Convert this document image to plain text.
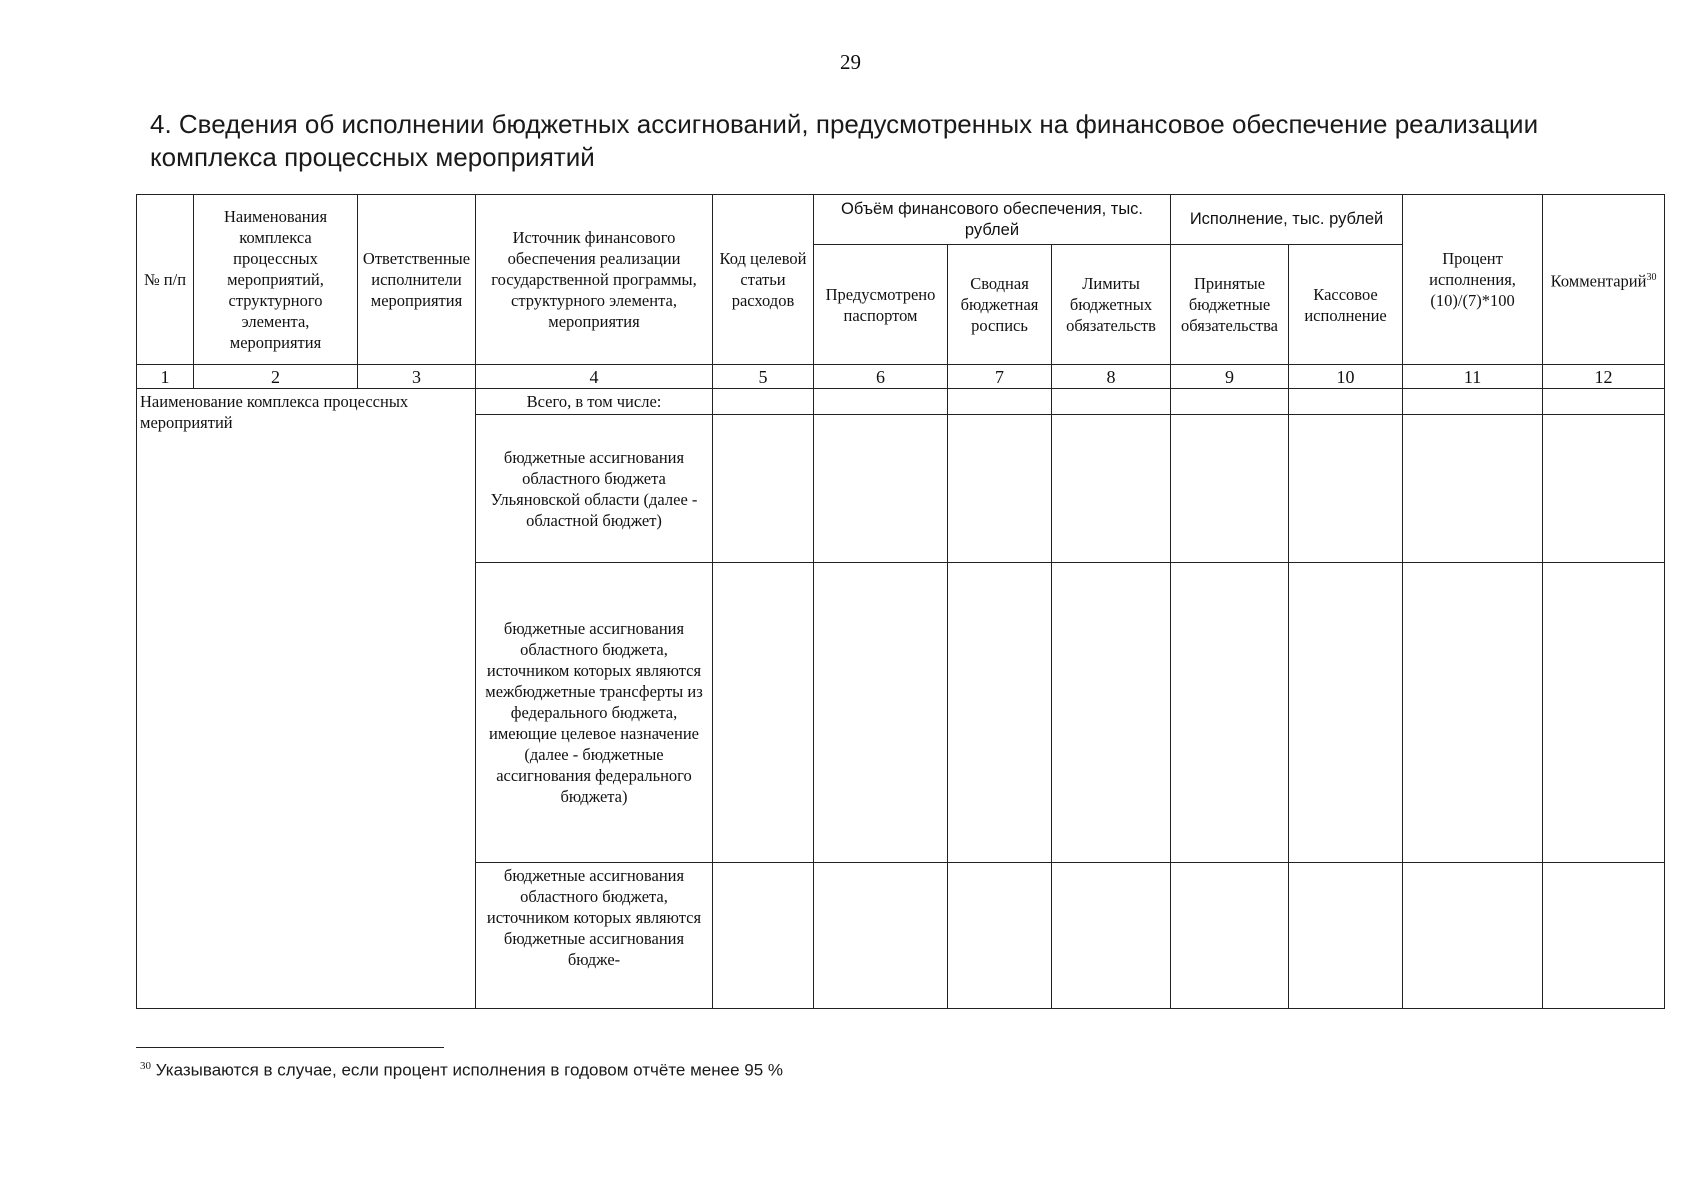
29
4. Сведения об исполнении бюджетных ассигнований, предусмотренных на финансовое обеспечение реализации комплекса процессных мероприятий
№ п/п	Наименования комплекса процессных мероприятий, структурного элемента, мероприятия	Ответственные исполнители мероприятия	Источник финансового обеспечения реализации государственной программы, структурного элемента, мероприятия	Код целевой статьи расходов	Объём финансового обеспечения, тыс. рублей			Исполнение, тыс. рублей		Процент исполнения, (10)/(7)*100	Комментарий$^{30}$
					Предусмотрено паспортом	Сводная бюджетная роспись	Лимиты бюджетных обязательств	Принятые бюджетные обязательства	Кассовое исполнение		
1	2	3	4	5	6	7	8	9	10	11	12
Наименование комплекса процессных мероприятий			Всего, в том числе:								
			бюджетные ассигнования областного бюджета Ульяновской области (далее - областной бюджет)								
			бюджетные ассигнования областного бюджета, источником которых являются межбюджетные трансферты из федерального бюджета, имеющие целевое назначение (далее - бюджетные ассигнования федерального бюджета)								
			бюджетные ассигнования областного бюджета, источником которых являются бюджетные ассигнования бюдже-								
$^{30}$ Указываются в случае, если процент исполнения в годовом отчёте менее 95 %
